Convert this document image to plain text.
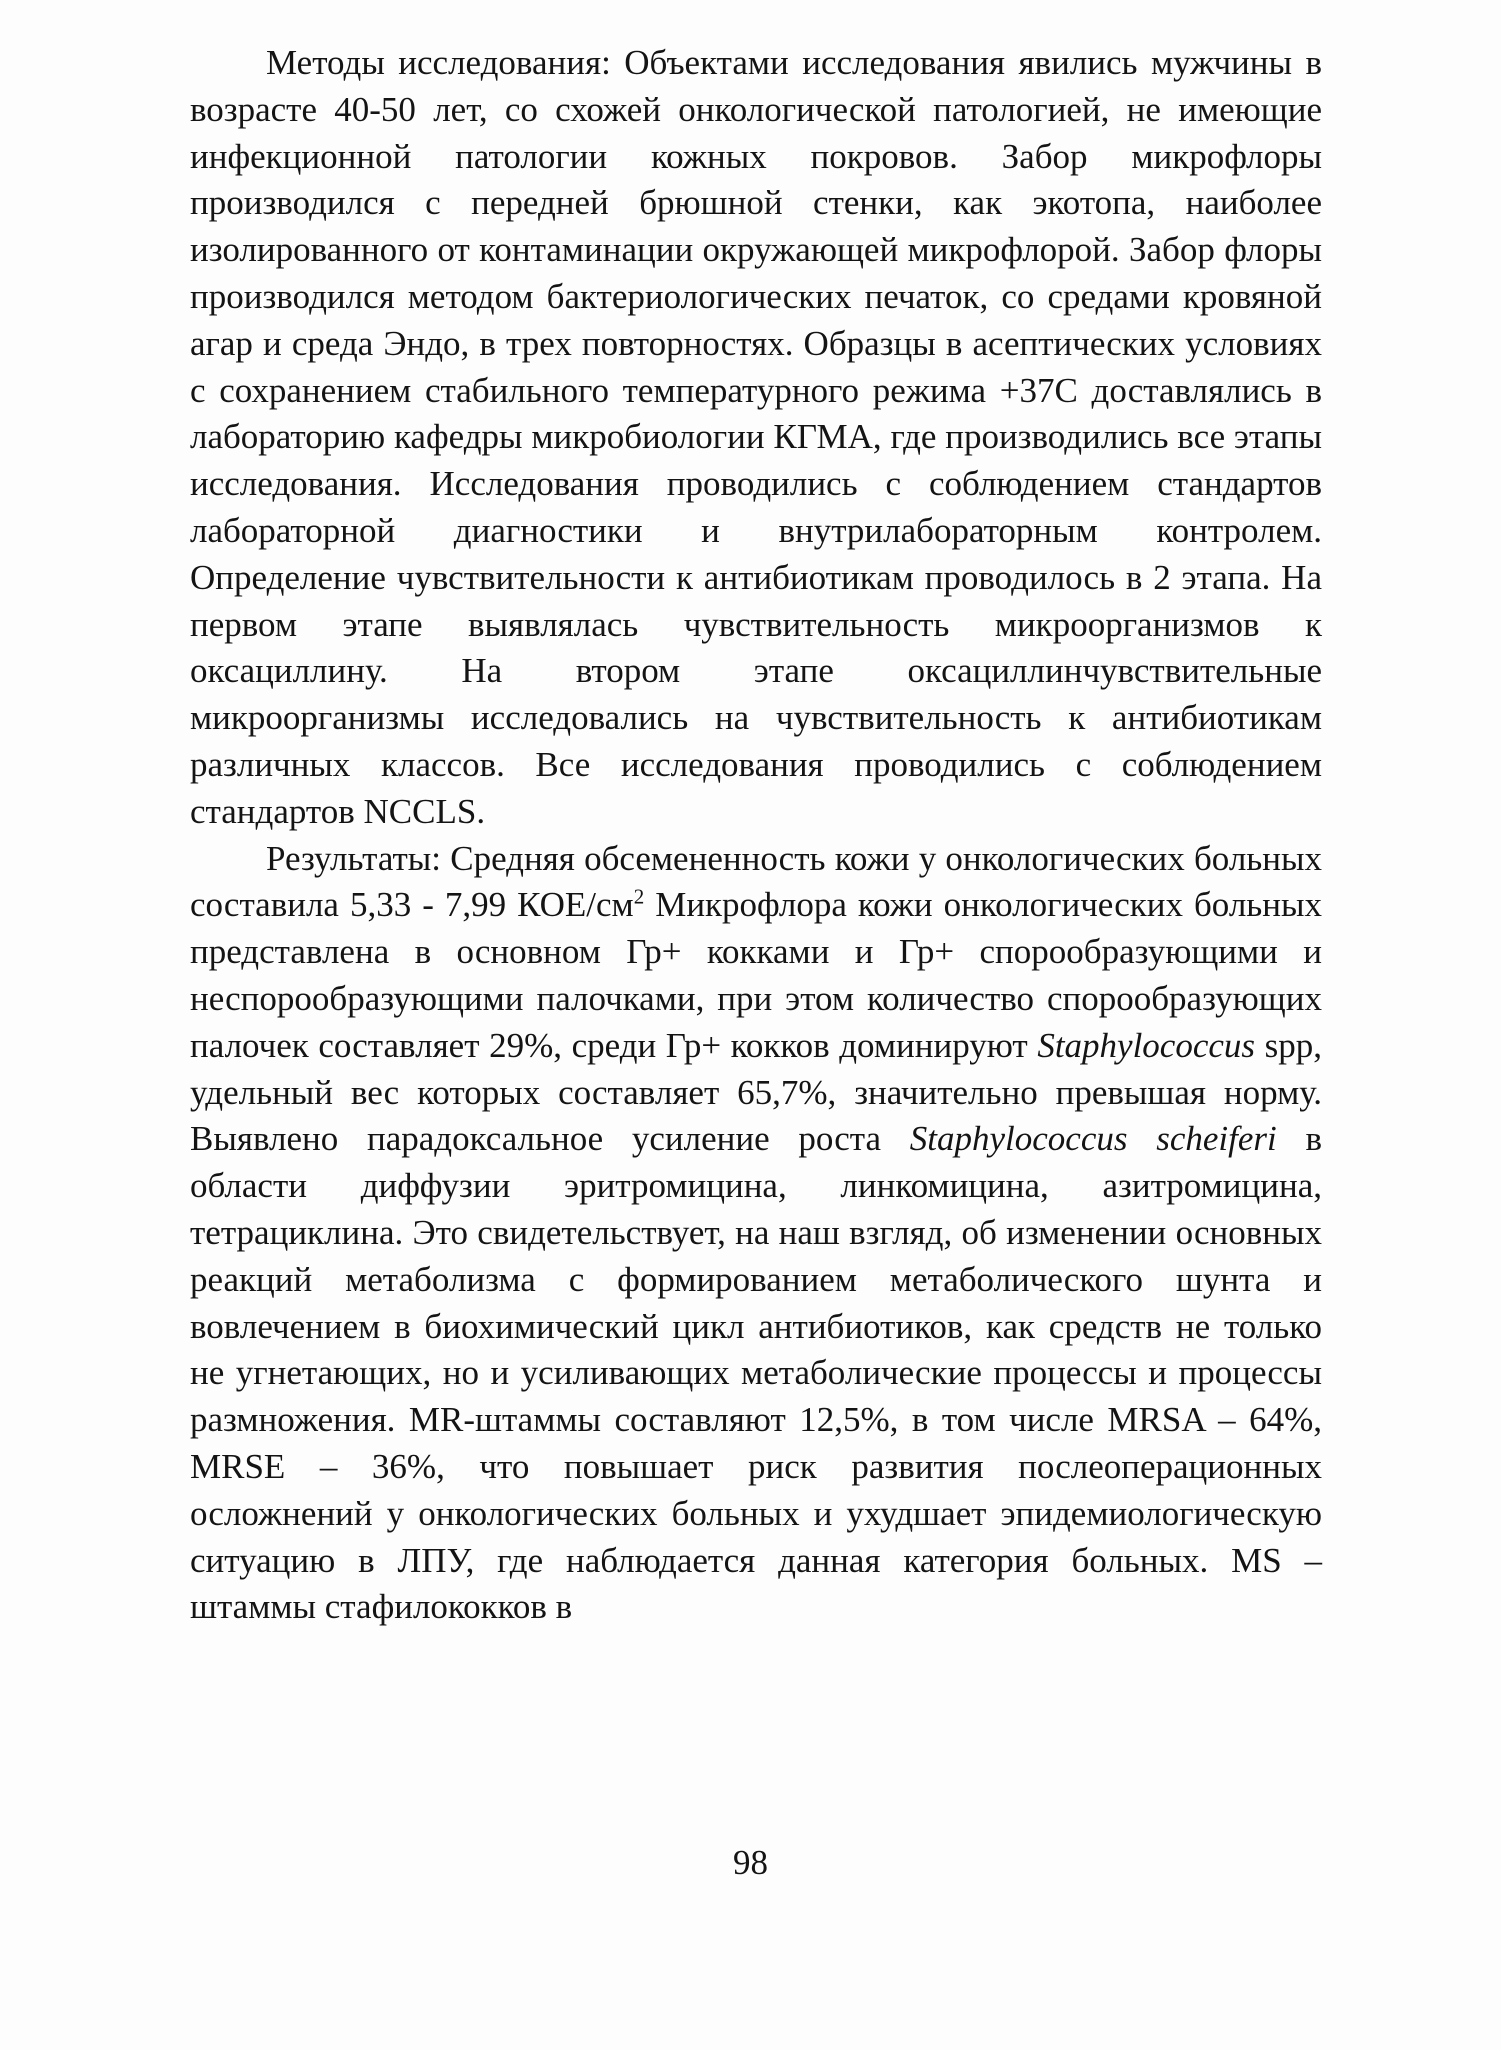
Методы исследования: Объектами исследования явились мужчины в возрасте 40-50 лет, со схожей онкологической патологией, не имеющие инфекционной патологии кожных покровов. Забор микрофлоры производился с передней брюшной стенки, как экотопа, наиболее изолированного от контаминации окружающей микрофлорой. Забор флоры производился методом бактериологических печаток, со средами кровяной агар и среда Эндо, в трех повторностях. Образцы в асептических условиях с сохранением стабильного температурного режима +37С доставлялись в лабораторию кафедры микробиологии КГМА, где производились все этапы исследования. Исследования проводились с соблюдением стандартов лабораторной диагностики и внутрилабораторным контролем. Определение чувствительности к антибиотикам проводилось в 2 этапа. На первом этапе выявлялась чувствительность микроорганизмов к оксациллину. На втором этапе оксациллинчувствительные микроорганизмы исследовались на чувствительность к антибиотикам различных классов. Все исследования проводились с соблюдением стандартов NCCLS.

Результаты: Средняя обсемененность кожи у онкологических больных составила 5,33 - 7,99 КОЕ/$см^2$ Микрофлора кожи онкологических больных представлена в основном Гр+ кокками и Гр+ спорообразующими и неспорообразующими палочками, при этом количество спорообразующих палочек составляет 29%, среди Гр+ кокков доминируют Staphylococcus spp, удельный вес которых составляет 65,7%, значительно превышая норму. Выявлено парадоксальное усиление роста Staphylococcus scheiferi в области диффузии эритромицина, линкомицина, азитромицина, тетрациклина. Это свидетельствует, на наш взгляд, об изменении основных реакций метаболизма с формированием метаболического шунта и вовлечением в биохимический цикл антибиотиков, как средств не только не угнетающих, но и усиливающих метаболические процессы и процессы размножения. MR-штаммы составляют 12,5%, в том числе MRSA – 64%, MRSE – 36%, что повышает риск развития послеоперационных осложнений у онкологических больных и ухудшает эпидемиологическую ситуацию в ЛПУ, где наблюдается данная категория больных. MS – штаммы стафилококков в

98
